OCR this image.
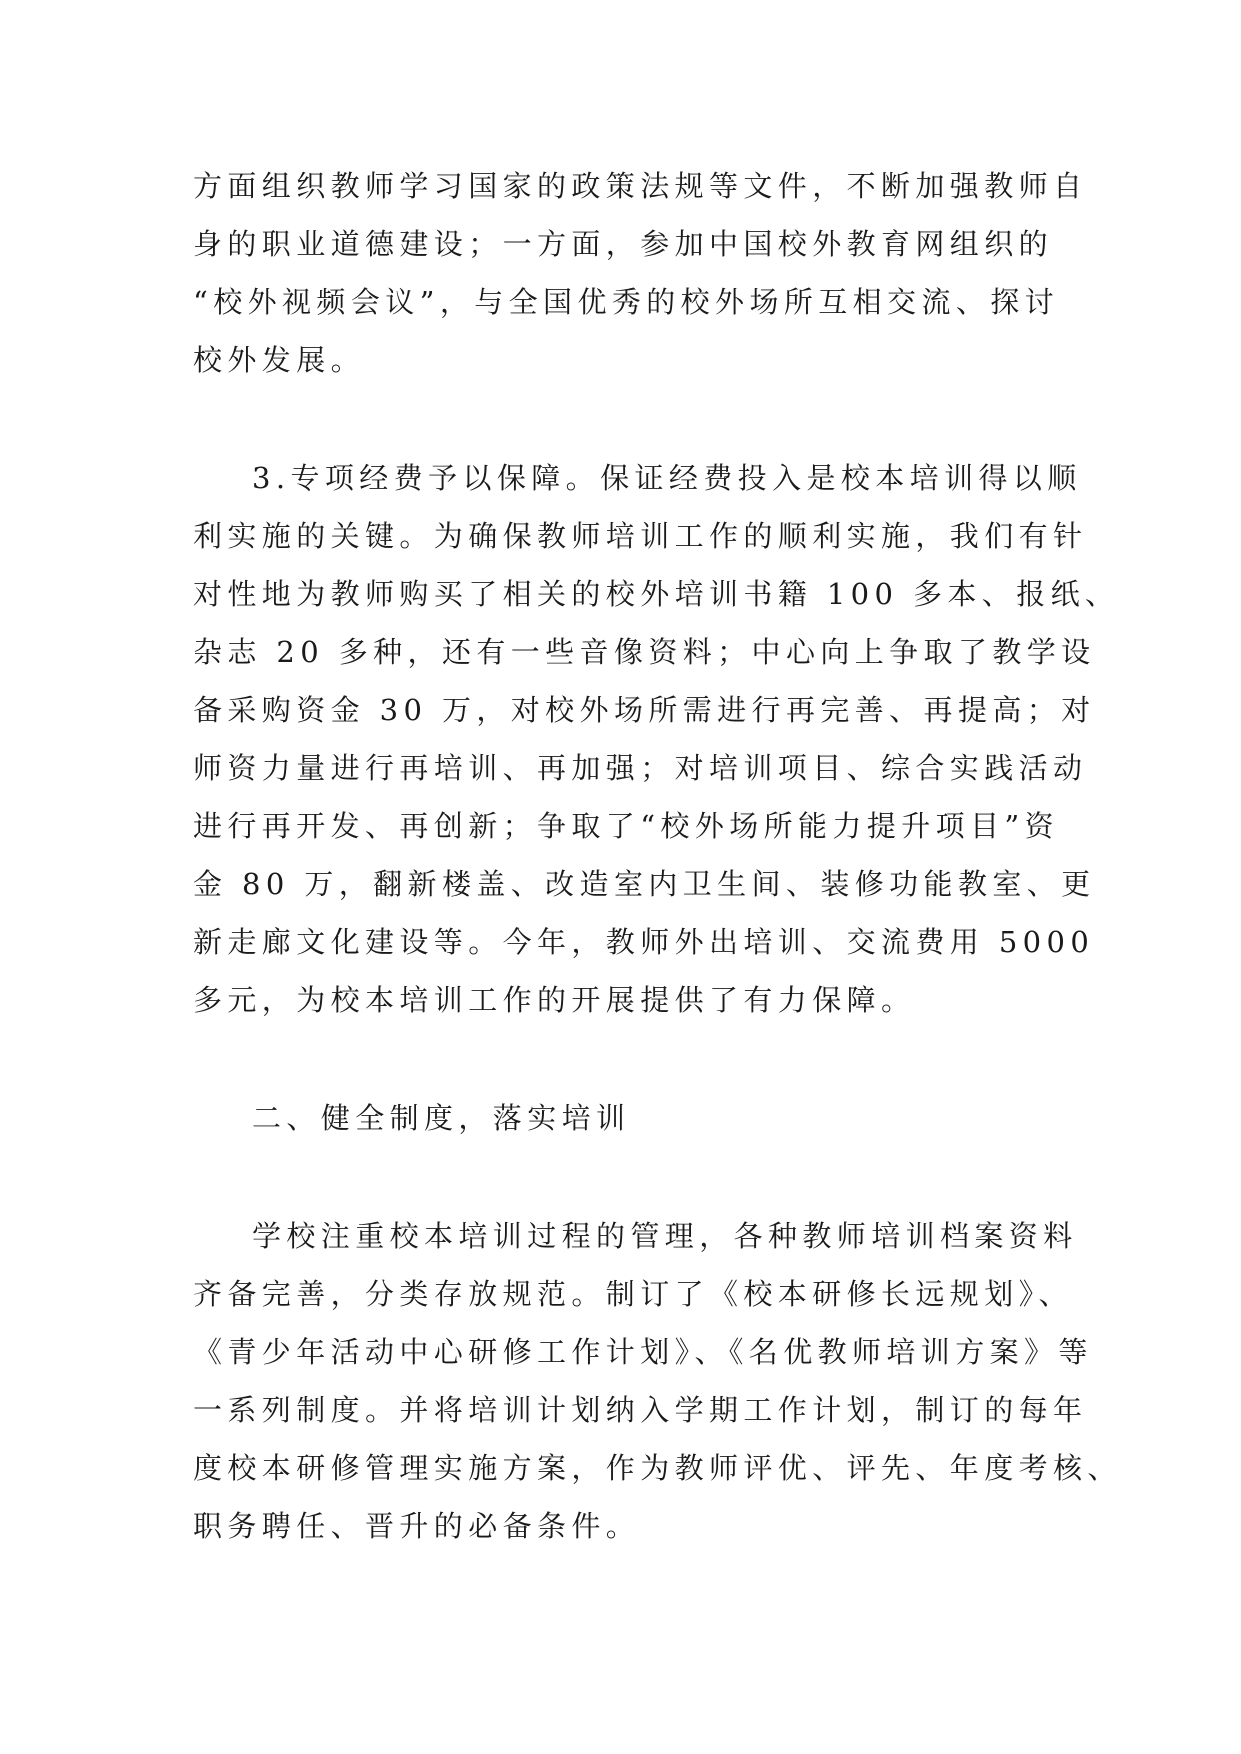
方面组织教师学习国家的政策法规等文件，不断加强教师自
身的职业道德建设；一方面，参加中国校外教育网组织的
“校外视频会议”，与全国优秀的校外场所互相交流、探讨
校外发展。
3.专项经费予以保障。保证经费投入是校本培训得以顺
利实施的关键。为确保教师培训工作的顺利实施，我们有针
对性地为教师购买了相关的校外培训书籍 100 多本、报纸、
杂志 20 多种，还有一些音像资料；中心向上争取了教学设
备采购资金 30 万，对校外场所需进行再完善、再提高；对
师资力量进行再培训、再加强；对培训项目、综合实践活动
进行再开发、再创新；争取了“校外场所能力提升项目”资
金 80 万，翻新楼盖、改造室内卫生间、装修功能教室、更
新走廊文化建设等。今年，教师外出培训、交流费用 5000
多元，为校本培训工作的开展提供了有力保障。
二、健全制度，落实培训
学校注重校本培训过程的管理，各种教师培训档案资料
齐备完善，分类存放规范。制订了《校本研修长远规划》、
《青少年活动中心研修工作计划》、《名优教师培训方案》等
一系列制度。并将培训计划纳入学期工作计划，制订的每年
度校本研修管理实施方案，作为教师评优、评先、年度考核、
职务聘任、晋升的必备条件。
